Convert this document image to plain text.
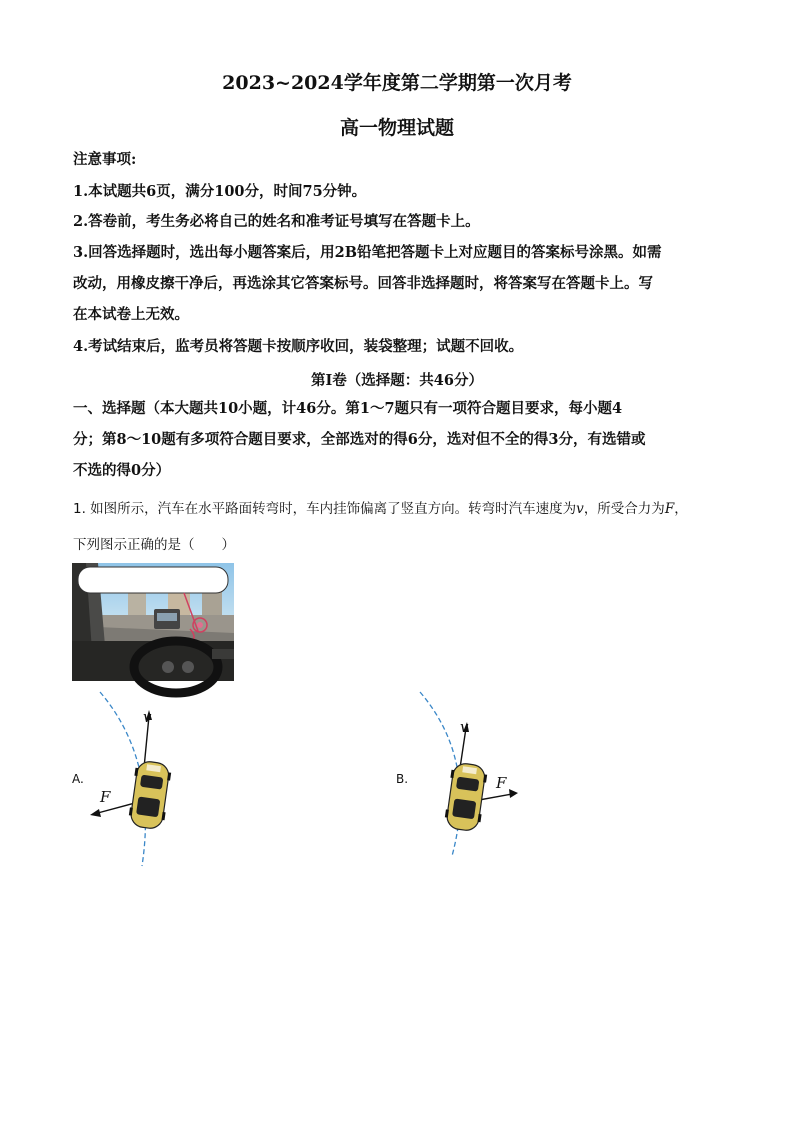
2023~2024学年度第二学期第一次月考
高一物理试题
注意事项:
1.本试题共6页，满分100分，时间75分钟。
2.答卷前，考生务必将自己的姓名和准考证号填写在答题卡上。
3.回答选择题时，选出每小题答案后，用2B铅笔把答题卡上对应题目的答案标号涂黑。如需
改动，用橡皮擦干净后，再选涂其它答案标号。回答非选择题时，将答案写在答题卡上。写
在本试卷上无效。
4.考试结束后，监考员将答题卡按顺序收回，装袋整理；试题不回收。
第Ⅰ卷（选择题：共46分）
一、选择题（本大题共10小题，计46分。第1～7题只有一项符合题目要求，每小题4
分；第8～10题有多项符合题目要求，全部选对的得6分，选对但不全的得3分，有选错或
不选的得0分）
1. 如图所示，汽车在水平路面转弯时，车内挂饰偏离了竖直方向。转弯时汽车速度为v，所受合力为F，
下列图示正确的是（　　）
A.
v
F
B.
v
F
